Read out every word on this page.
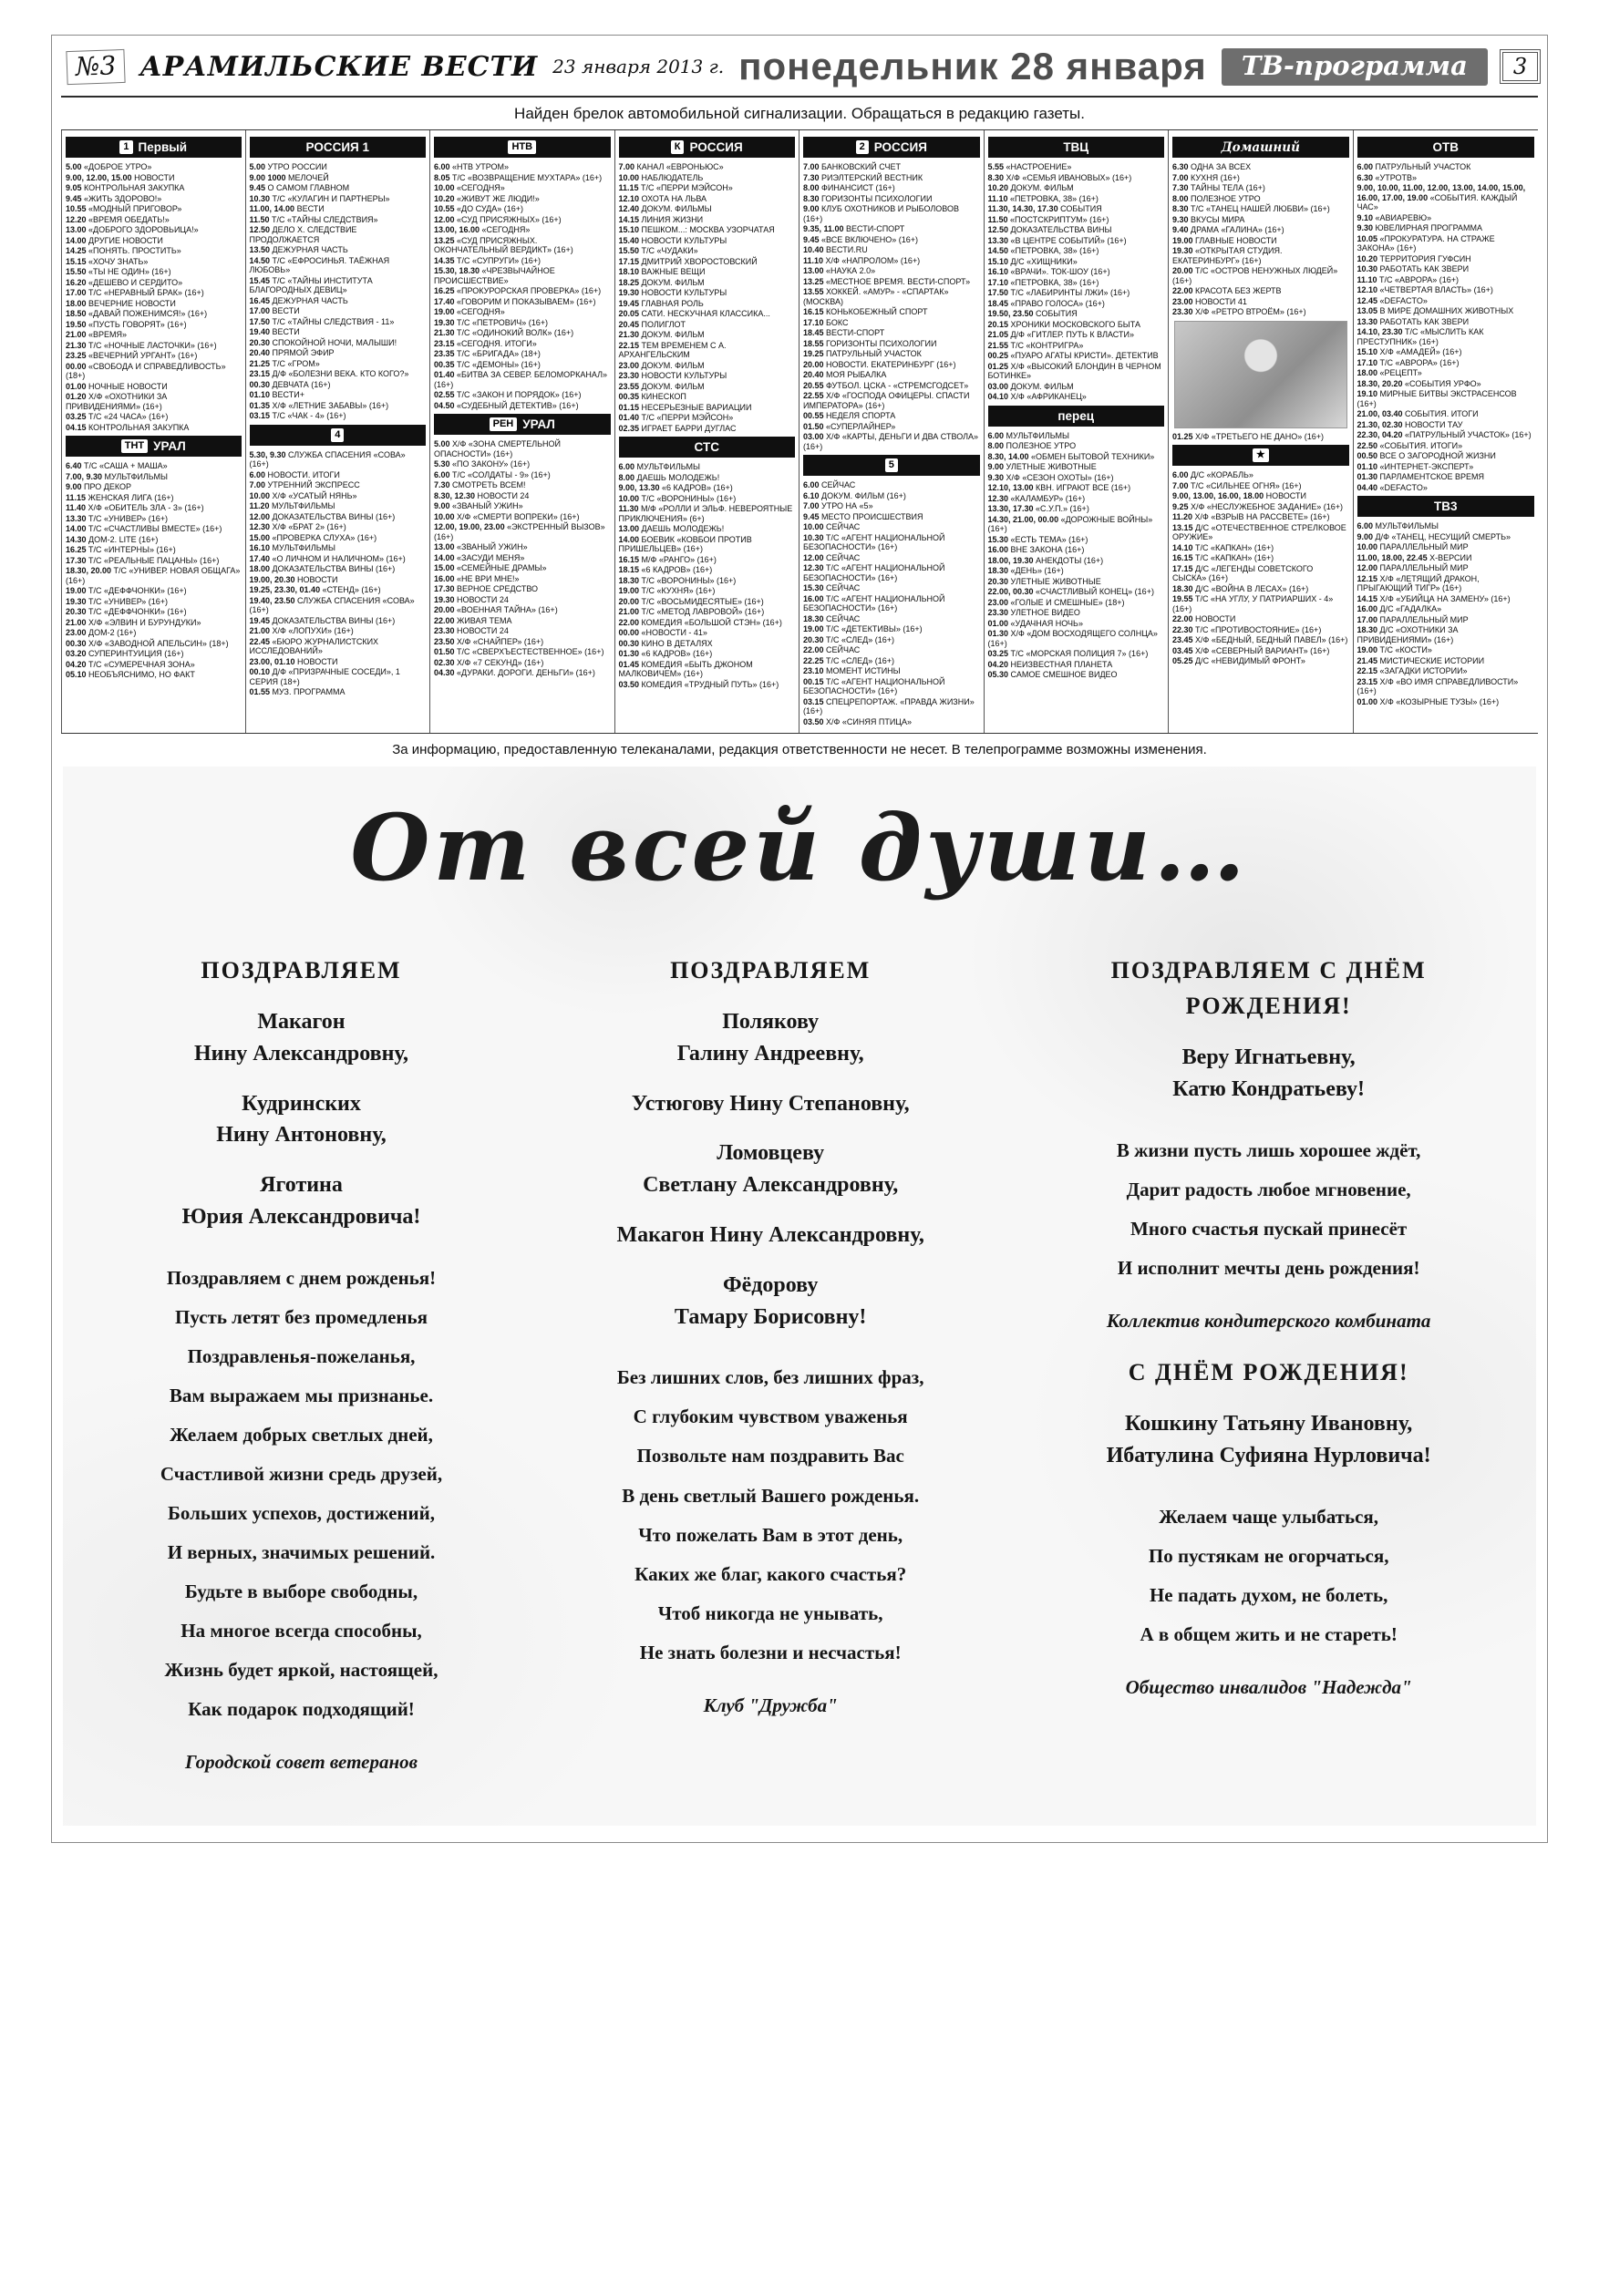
№3 АРАМИЛЬСКИЕ ВЕСТИ 23 января 2013 г. понедельник 28 января	ТВ-программа	3
Найден брелок автомобильной сигнализации. Обращаться в редакцию газеты.
1 Первый
5.00 «ДОБРОЕ УТРО»
9.00, 12.00, 15.00 НОВОСТИ
9.05 КОНТРОЛЬНАЯ ЗАКУПКА
9.45 «ЖИТЬ ЗДОРОВО!»
10.55 «МОДНЫЙ ПРИГОВОР»
12.20 «ВРЕМЯ ОБЕДАТЬ!»
13.00 «ДОБРОГО ЗДОРОВЬИЦА!»
14.00 ДРУГИЕ НОВОСТИ
14.25 «ПОНЯТЬ. ПРОСТИТЬ»
15.15 «ХОЧУ ЗНАТЬ»
15.50 «ТЫ НЕ ОДИН» (16+)
16.20 «ДЕШЕВО И СЕРДИТО»
17.00 Т/С «НЕРАВНЫЙ БРАК» (16+)
18.00 ВЕЧЕРНИЕ НОВОСТИ
18.50 «ДАВАЙ ПОЖЕНИМСЯ!» (16+)
19.50 «ПУСТЬ ГОВОРЯТ» (16+)
21.00 «ВРЕМЯ»
21.30 Т/С «НОЧНЫЕ ЛАСТОЧКИ» (16+)
23.25 «ВЕЧЕРНИЙ УРГАНТ» (16+)
00.00 «СВОБОДА И СПРАВЕДЛИВОСТЬ» (18+)
01.00 НОЧНЫЕ НОВОСТИ
01.20 Х/Ф «ОХОТНИКИ ЗА ПРИВИДЕНИЯМИ» (16+)
03.25 Т/С «24 ЧАСА» (16+)
04.15 КОНТРОЛЬНАЯ ЗАКУПКА
ТНТ УРАЛ
6.40 Т/С «САША + МАША»
7.00, 9.30 МУЛЬТФИЛЬМЫ
9.00 ПРО ДЕКОР
11.15 ЖЕНСКАЯ ЛИГА (16+)
11.40 Х/Ф «ОБИТЕЛЬ ЗЛА - 3» (16+)
13.30 Т/С «УНИВЕР» (16+)
14.00 Т/С «СЧАСТЛИВЫ ВМЕСТЕ» (16+)
14.30 ДОМ-2. LITE (16+)
16.25 Т/С «ИНТЕРНЫ» (16+)
17.30 Т/С «РЕАЛЬНЫЕ ПАЦАНЫ» (16+)
18.30, 20.00 Т/С «УНИВЕР. НОВАЯ ОБЩАГА» (16+)
19.00 Т/С «ДЕФФЧОНКИ» (16+)
19.30 Т/С «УНИВЕР» (16+)
20.30 Т/С «ДЕФФЧОНКИ» (16+)
21.00 Х/Ф «ЭЛВИН И БУРУНДУКИ»
23.00 ДОМ-2 (16+)
00.30 Х/Ф «ЗАВОДНОЙ АПЕЛЬСИН» (18+)
03.20 СУПЕРИНТУИЦИЯ (16+)
04.20 Т/С «СУМЕРЕЧНАЯ ЗОНА»
05.10 НЕОБЪЯСНИМО, НО ФАКТ
РОССИЯ 1
5.00 УТРО РОССИИ
9.00 1000 МЕЛОЧЕЙ
9.45 О САМОМ ГЛАВНОМ
10.30 Т/С «КУЛАГИН И ПАРТНЕРЫ»
11.00, 14.00 ВЕСТИ
11.50 Т/С «ТАЙНЫ СЛЕДСТВИЯ»
12.50 ДЕЛО Х. СЛЕДСТВИЕ ПРОДОЛЖАЕТСЯ
13.50 ДЕЖУРНАЯ ЧАСТЬ
14.50 Т/С «ЕФРОСИНЬЯ. ТАЁЖНАЯ ЛЮБОВЬ»
15.45 Т/С «ТАЙНЫ ИНСТИТУТА БЛАГОРОДНЫХ ДЕВИЦ»
16.45 ДЕЖУРНАЯ ЧАСТЬ
17.00 ВЕСТИ
17.50 Т/С «ТАЙНЫ СЛЕДСТВИЯ - 11»
19.40 ВЕСТИ
20.30 СПОКОЙНОЙ НОЧИ, МАЛЫШИ!
20.40 ПРЯМОЙ ЭФИР
21.25 Т/С «ГРОМ»
23.15 Д/Ф «БОЛЕЗНИ ВЕКА. КТО КОГО?»
00.30 ДЕВЧАТА (16+)
01.10 ВЕСТИ+
01.35 Х/Ф «ЛЕТНИЕ ЗАБАВЫ» (16+)
03.15 Т/С «ЧАК - 4» (16+)
4
5.30, 9.30 СЛУЖБА СПАСЕНИЯ «СОВА» (16+)
6.00 НОВОСТИ. ИТОГИ
7.00 УТРЕННИЙ ЭКСПРЕСС
10.00 Х/Ф «УСАТЫЙ НЯНЬ»
11.20 МУЛЬТФИЛЬМЫ
12.00 ДОКАЗАТЕЛЬСТВА ВИНЫ (16+)
12.30 Х/Ф «БРАТ 2» (16+)
15.00 «ПРОВЕРКА СЛУХА» (16+)
16.10 МУЛЬТФИЛЬМЫ
17.40 «О ЛИЧНОМ И НАЛИЧНОМ» (16+)
18.00 ДОКАЗАТЕЛЬСТВА ВИНЫ (16+)
19.00, 20.30 НОВОСТИ
19.25, 23.30, 01.40 «СТЕНД» (16+)
19.40, 23.50 СЛУЖБА СПАСЕНИЯ «СОВА» (16+)
19.45 ДОКАЗАТЕЛЬСТВА ВИНЫ (16+)
21.00 Х/Ф «ЛОПУХИ» (16+)
22.45 «БЮРО ЖУРНАЛИСТСКИХ ИССЛЕДОВАНИЙ»
23.00, 01.10 НОВОСТИ
00.10 Д/Ф «ПРИЗРАЧНЫЕ СОСЕДИ», 1 СЕРИЯ (18+)
01.55 МУЗ. ПРОГРАММА
НТВ
6.00 «НТВ УТРОМ»
8.05 Т/С «ВОЗВРАЩЕНИЕ МУХТАРА» (16+)
10.00 «СЕГОДНЯ»
10.20 «ЖИВУТ ЖЕ ЛЮДИ!»
10.55 «ДО СУДА» (16+)
12.00 «СУД ПРИСЯЖНЫХ» (16+)
13.00, 16.00 «СЕГОДНЯ»
13.25 «СУД ПРИСЯЖНЫХ. ОКОНЧАТЕЛЬНЫЙ ВЕРДИКТ» (16+)
14.35 Т/С «СУПРУГИ» (16+)
15.30, 18.30 «ЧРЕЗВЫЧАЙНОЕ ПРОИСШЕСТВИЕ»
16.25 «ПРОКУРОРСКАЯ ПРОВЕРКА» (16+)
17.40 «ГОВОРИМ И ПОКАЗЫВАЕМ» (16+)
19.00 «СЕГОДНЯ»
19.30 Т/С «ПЕТРОВИЧ» (16+)
21.30 Т/С «ОДИНОКИЙ ВОЛК» (16+)
23.15 «СЕГОДНЯ. ИТОГИ»
23.35 Т/С «БРИГАДА» (18+)
00.35 Т/С «ДЕМОНЫ» (16+)
01.40 «БИТВА ЗА СЕВЕР. БЕЛОМОРКАНАЛ» (16+)
02.55 Т/С «ЗАКОН И ПОРЯДОК» (16+)
04.50 «СУДЕБНЫЙ ДЕТЕКТИВ» (16+)
РЕН УРАЛ
5.00 Х/Ф «ЗОНА СМЕРТЕЛЬНОЙ ОПАСНОСТИ» (16+)
5.30 «ПО ЗАКОНУ» (16+)
6.00 Т/С «СОЛДАТЫ - 9» (16+)
7.30 СМОТРЕТЬ ВСЕМ!
8.30, 12.30 НОВОСТИ 24
9.00 «ЗВАНЫЙ УЖИН»
10.00 Х/Ф «СМЕРТИ ВОПРЕКИ» (16+)
12.00, 19.00, 23.00 «ЭКСТРЕННЫЙ ВЫЗОВ» (16+)
13.00 «ЗВАНЫЙ УЖИН»
14.00 «ЗАСУДИ МЕНЯ»
15.00 «СЕМЕЙНЫЕ ДРАМЫ»
16.00 «НЕ ВРИ МНЕ!»
17.30 ВЕРНОЕ СРЕДСТВО
19.30 НОВОСТИ 24
20.00 «ВОЕННАЯ ТАЙНА» (16+)
22.00 ЖИВАЯ ТЕМА
23.30 НОВОСТИ 24
23.50 Х/Ф «СНАЙПЕР» (16+)
01.50 Т/С «СВЕРХЪЕСТЕСТВЕННОЕ» (16+)
02.30 Х/Ф «7 СЕКУНД» (16+)
04.30 «ДУРАКИ. ДОРОГИ. ДЕНЬГИ» (16+)
К РОССИЯ
7.00 КАНАЛ «ЕВРОНЬЮС»
10.00 НАБЛЮДАТЕЛЬ
11.15 Т/С «ПЕРРИ МЭЙСОН»
12.10 ОХОТА НА ЛЬВА
12.40 ДОКУМ. ФИЛЬМЫ
14.15 ЛИНИЯ ЖИЗНИ
15.10 ПЕШКОМ...: МОСКВА УЗОРЧАТАЯ
15.40 НОВОСТИ КУЛЬТУРЫ
15.50 Т/С «ЧУДАКИ»
17.15 ДМИТРИЙ ХВОРОСТОВСКИЙ
18.10 ВАЖНЫЕ ВЕЩИ
18.25 ДОКУМ. ФИЛЬМ
19.30 НОВОСТИ КУЛЬТУРЫ
19.45 ГЛАВНАЯ РОЛЬ
20.05 САТИ. НЕСКУЧНАЯ КЛАССИКА...
20.45 ПОЛИГЛОТ
21.30 ДОКУМ. ФИЛЬМ
22.15 ТЕМ ВРЕМЕНЕМ С А. АРХАНГЕЛЬСКИМ
23.00 ДОКУМ. ФИЛЬМ
23.30 НОВОСТИ КУЛЬТУРЫ
23.55 ДОКУМ. ФИЛЬМ
00.35 КИНЕСКОП
01.15 НЕСЕРЬЕЗНЫЕ ВАРИАЦИИ
01.40 Т/С «ПЕРРИ МЭЙСОН»
02.35 ИГРАЕТ БАРРИ ДУГЛАС
СТС
6.00 МУЛЬТФИЛЬМЫ
8.00 ДАЕШЬ МОЛОДЕЖЬ!
9.00, 13.30 «6 КАДРОВ» (16+)
10.00 Т/С «ВОРОНИНЫ» (16+)
11.30 М/Ф «РОЛЛИ И ЭЛЬФ. НЕВЕРОЯТНЫЕ ПРИКЛЮЧЕНИЯ» (6+)
13.00 ДАЕШЬ МОЛОДЕЖЬ!
14.00 БОЕВИК «КОВБОИ ПРОТИВ ПРИШЕЛЬЦЕВ» (16+)
16.15 М/Ф «РАНГО» (16+)
18.15 «6 КАДРОВ» (16+)
18.30 Т/С «ВОРОНИНЫ» (16+)
19.00 Т/С «КУХНЯ» (16+)
20.00 Т/С «ВОСЬМИДЕСЯТЫЕ» (16+)
21.00 Т/С «МЕТОД ЛАВРОВОЙ» (16+)
22.00 КОМЕДИЯ «БОЛЬШОЙ СТЭН» (16+)
00.00 «НОВОСТИ - 41»
00.30 КИНО В ДЕТАЛЯХ
01.30 «6 КАДРОВ» (16+)
01.45 КОМЕДИЯ «БЫТЬ ДЖОНОМ МАЛКОВИЧЕМ» (16+)
03.50 КОМЕДИЯ «ТРУДНЫЙ ПУТЬ» (16+)
2 РОССИЯ
7.00 БАНКОВСКИЙ СЧЕТ
7.30 РИЭЛТЕРСКИЙ ВЕСТНИК
8.00 ФИНАНСИСТ (16+)
8.30 ГОРИЗОНТЫ ПСИХОЛОГИИ
9.00 КЛУБ ОХОТНИКОВ И РЫБОЛОВОВ (16+)
9.35, 11.00 ВЕСТИ-СПОРТ
9.45 «ВСЕ ВКЛЮЧЕНО» (16+)
10.40 ВЕСТИ.RU
11.10 Х/Ф «НАПРОЛОМ» (16+)
13.00 «НАУКА 2.0»
13.25 «МЕСТНОЕ ВРЕМЯ. ВЕСТИ-СПОРТ»
13.55 ХОККЕЙ. «АМУР» - «СПАРТАК» (МОСКВА)
16.15 КОНЬКОБЕЖНЫЙ СПОРТ
17.10 БОКС
18.45 ВЕСТИ-СПОРТ
18.55 ГОРИЗОНТЫ ПСИХОЛОГИИ
19.25 ПАТРУЛЬНЫЙ УЧАСТОК
20.00 НОВОСТИ. ЕКАТЕРИНБУРГ (16+)
20.40 МОЯ РЫБАЛКА
20.55 ФУТБОЛ. ЦСКА - «СТРЕМСГОДСЕТ»
22.55 Х/Ф «ГОСПОДА ОФИЦЕРЫ. СПАСТИ ИМПЕРАТОРА» (16+)
00.55 НЕДЕЛЯ СПОРТА
01.50 «СУПЕРЛАЙНЕР»
03.00 Х/Ф «КАРТЫ, ДЕНЬГИ И ДВА СТВОЛА» (16+)
5
6.00 СЕЙЧАС
6.10 ДОКУМ. ФИЛЬМ (16+)
7.00 УТРО НА «5»
9.45 МЕСТО ПРОИСШЕСТВИЯ
10.00 СЕЙЧАС
10.30 Т/С «АГЕНТ НАЦИОНАЛЬНОЙ БЕЗОПАСНОСТИ» (16+)
12.00 СЕЙЧАС
12.30 Т/С «АГЕНТ НАЦИОНАЛЬНОЙ БЕЗОПАСНОСТИ» (16+)
15.30 СЕЙЧАС
16.00 Т/С «АГЕНТ НАЦИОНАЛЬНОЙ БЕЗОПАСНОСТИ» (16+)
18.30 СЕЙЧАС
19.00 Т/С «ДЕТЕКТИВЫ» (16+)
20.30 Т/С «СЛЕД» (16+)
22.00 СЕЙЧАС
22.25 Т/С «СЛЕД» (16+)
23.10 МОМЕНТ ИСТИНЫ
00.15 Т/С «АГЕНТ НАЦИОНАЛЬНОЙ БЕЗОПАСНОСТИ» (16+)
03.15 СПЕЦРЕПОРТАЖ. «ПРАВДА ЖИЗНИ» (16+)
03.50 Х/Ф «СИНЯЯ ПТИЦА»
ТВЦ
5.55 «НАСТРОЕНИЕ»
8.30 Х/Ф «СЕМЬЯ ИВАНОВЫХ» (16+)
10.20 ДОКУМ. ФИЛЬМ
11.10 «ПЕТРОВКА, 38» (16+)
11.30, 14.30, 17.30 СОБЫТИЯ
11.50 «ПОСТСКРИПТУМ» (16+)
12.50 ДОКАЗАТЕЛЬСТВА ВИНЫ
13.30 «В ЦЕНТРЕ СОБЫТИЙ» (16+)
14.50 «ПЕТРОВКА, 38» (16+)
15.10 Д/С «ХИЩНИКИ»
16.10 «ВРАЧИ». ТОК-ШОУ (16+)
17.10 «ПЕТРОВКА, 38» (16+)
17.50 Т/С «ЛАБИРИНТЫ ЛЖИ» (16+)
18.45 «ПРАВО ГОЛОСА» (16+)
19.50, 23.50 СОБЫТИЯ
20.15 ХРОНИКИ МОСКОВСКОГО БЫТА
21.05 Д/Ф «ГИТЛЕР. ПУТЬ К ВЛАСТИ»
21.55 Т/С «КОНТРИГРА»
00.25 «ПУАРО АГАТЫ КРИСТИ». ДЕТЕКТИВ
01.25 Х/Ф «ВЫСОКИЙ БЛОНДИН В ЧЕРНОМ БОТИНКЕ»
03.00 ДОКУМ. ФИЛЬМ
04.10 Х/Ф «АФРИКАНЕЦ»
перец
6.00 МУЛЬТФИЛЬМЫ
8.00 ПОЛЕЗНОЕ УТРО
8.30, 14.00 «ОБМЕН БЫТОВОЙ ТЕХНИКИ»
9.00 УЛЕТНЫЕ ЖИВОТНЫЕ
9.30 Х/Ф «СЕЗОН ОХОТЫ» (16+)
12.10, 13.00 КВН. ИГРАЮТ ВСЕ (16+)
12.30 «КАЛАМБУР» (16+)
13.30, 17.30 «С.У.П.» (16+)
14.30, 21.00, 00.00 «ДОРОЖНЫЕ ВОЙНЫ» (16+)
15.30 «ЕСТЬ ТЕМА» (16+)
16.00 ВНЕ ЗАКОНА (16+)
18.00, 19.30 АНЕКДОТЫ (16+)
18.30 «ДЕНЬ» (16+)
20.30 УЛЕТНЫЕ ЖИВОТНЫЕ
22.00, 00.30 «СЧАСТЛИВЫЙ КОНЕЦ» (16+)
23.00 «ГОЛЫЕ И СМЕШНЫЕ» (18+)
23.30 УЛЕТНОЕ ВИДЕО
01.00 «УДАЧНАЯ НОЧЬ»
01.30 Х/Ф «ДОМ ВОСХОДЯЩЕГО СОЛНЦА» (16+)
03.25 Т/С «МОРСКАЯ ПОЛИЦИЯ 7» (16+)
04.20 НЕИЗВЕСТНАЯ ПЛАНЕТА
05.30 САМОЕ СМЕШНОЕ ВИДЕО
Домашний
6.30 ОДНА ЗА ВСЕХ
7.00 КУХНЯ (16+)
7.30 ТАЙНЫ ТЕЛА (16+)
8.00 ПОЛЕЗНОЕ УТРО
8.30 Т/С «ТАНЕЦ НАШЕЙ ЛЮБВИ» (16+)
9.30 ВКУСЫ МИРА
9.40 ДРАМА «ГАЛИНА» (16+)
19.00 ГЛАВНЫЕ НОВОСТИ
19.30 «ОТКРЫТАЯ СТУДИЯ. ЕКАТЕРИНБУРГ» (16+)
20.00 Т/С «ОСТРОВ НЕНУЖНЫХ ЛЮДЕЙ» (16+)
22.00 КРАСОТА БЕЗ ЖЕРТВ
23.00 НОВОСТИ 41
23.30 Х/Ф «РЕТРО ВТРОЁМ» (16+)
01.25 Х/Ф «ТРЕТЬЕГО НЕ ДАНО» (16+)
★
6.00 Д/С «КОРАБЛЬ»
7.00 Т/С «СИЛЬНЕЕ ОГНЯ» (16+)
9.00, 13.00, 16.00, 18.00 НОВОСТИ
9.25 Х/Ф «НЕСЛУЖЕБНОЕ ЗАДАНИЕ» (16+)
11.20 Х/Ф «ВЗРЫВ НА РАССВЕТЕ» (16+)
13.15 Д/С «ОТЕЧЕСТВЕННОЕ СТРЕЛКОВОЕ ОРУЖИЕ»
14.10 Т/С «КАПКАН» (16+)
16.15 Т/С «КАПКАН» (16+)
17.15 Д/С «ЛЕГЕНДЫ СОВЕТСКОГО СЫСКА» (16+)
18.30 Д/С «ВОЙНА В ЛЕСАХ» (16+)
19.55 Т/С «НА УГЛУ, У ПАТРИАРШИХ - 4» (16+)
22.00 НОВОСТИ
22.30 Т/С «ПРОТИВОСТОЯНИЕ» (16+)
23.45 Х/Ф «БЕДНЫЙ, БЕДНЫЙ ПАВЕЛ» (16+)
03.45 Х/Ф «СЕВЕРНЫЙ ВАРИАНТ» (16+)
05.25 Д/С «НЕВИДИМЫЙ ФРОНТ»
ОТВ
6.00 ПАТРУЛЬНЫЙ УЧАСТОК
6.30 «УТРОТВ»
9.00, 10.00, 11.00, 12.00, 13.00, 14.00, 15.00, 16.00, 17.00, 19.00 «СОБЫТИЯ. КАЖДЫЙ ЧАС»
9.10 «АВИАРЕВЮ»
9.30 ЮВЕЛИРНАЯ ПРОГРАММА
10.05 «ПРОКУРАТУРА. НА СТРАЖЕ ЗАКОНА» (16+)
10.20 ТЕРРИТОРИЯ ГУФСИН
10.30 РАБОТАТЬ КАК ЗВЕРИ
11.10 Т/С «АВРОРА» (16+)
12.10 «ЧЕТВЕРТАЯ ВЛАСТЬ» (16+)
12.45 «DEFACTO»
13.05 В МИРЕ ДОМАШНИХ ЖИВОТНЫХ
13.30 РАБОТАТЬ КАК ЗВЕРИ
14.10, 23.30 Т/С «МЫСЛИТЬ КАК ПРЕСТУПНИК» (16+)
15.10 Х/Ф «АМАДЕЙ» (16+)
17.10 Т/С «АВРОРА» (16+)
18.00 «РЕЦЕПТ»
18.30, 20.20 «СОБЫТИЯ УРФО»
19.10 МИРНЫЕ БИТВЫ ЭКСТРАСЕНСОВ (16+)
21.00, 03.40 СОБЫТИЯ. ИТОГИ
21.30, 02.30 НОВОСТИ ТАУ
22.30, 04.20 «ПАТРУЛЬНЫЙ УЧАСТОК» (16+)
22.50 «СОБЫТИЯ. ИТОГИ»
00.50 ВСЕ О ЗАГОРОДНОЙ ЖИЗНИ
01.10 «ИНТЕРНЕТ-ЭКСПЕРТ»
01.30 ПАРЛАМЕНТСКОЕ ВРЕМЯ
04.40 «DEFACTO»
ТВ3
6.00 МУЛЬТФИЛЬМЫ
9.00 Д/Ф «ТАНЕЦ, НЕСУЩИЙ СМЕРТЬ»
10.00 ПАРАЛЛЕЛЬНЫЙ МИР
11.00, 18.00, 22.45 Х-ВЕРСИИ
12.00 ПАРАЛЛЕЛЬНЫЙ МИР
12.15 Х/Ф «ЛЕТЯЩИЙ ДРАКОН, ПРЫГАЮЩИЙ ТИГР» (16+)
14.15 Х/Ф «УБИЙЦА НА ЗАМЕНУ» (16+)
16.00 Д/С «ГАДАЛКА»
17.00 ПАРАЛЛЕЛЬНЫЙ МИР
18.30 Д/С «ОХОТНИКИ ЗА ПРИВИДЕНИЯМИ» (16+)
19.00 Т/С «КОСТИ»
21.45 МИСТИЧЕСКИЕ ИСТОРИИ
22.15 «ЗАГАДКИ ИСТОРИИ»
23.15 Х/Ф «ВО ИМЯ СПРАВЕДЛИВОСТИ» (16+)
01.00 Х/Ф «КОЗЫРНЫЕ ТУЗЫ» (16+)
За информацию, предоставленную телеканалами, редакция ответственности не несет. В телепрограмме возможны изменения.
От всей души…
ПОЗДРАВЛЯЕМ
Макагон
Нину Александровну,
Кудринских
Нину Антоновну,
Яготина
Юрия Александровича!
Поздравляем с днем рожденья!
Пусть летят без промедленья
Поздравленья-пожеланья,
Вам выражаем мы признанье.
Желаем добрых светлых дней,
Счастливой жизни средь друзей,
Больших успехов, достижений,
И верных, значимых решений.
Будьте в выборе свободны,
На многое всегда способны,
Жизнь будет яркой, настоящей,
Как подарок подходящий!
Городской совет ветеранов
ПОЗДРАВЛЯЕМ
Полякову
Галину Андреевну,
Устюгову Нину Степановну,
Ломовцеву
Светлану Александровну,
Макагон Нину Александровну,
Фёдорову
Тамару Борисовну!
Без лишних слов, без лишних фраз,
С глубоким чувством уваженья
Позвольте нам поздравить Вас
В день светлый Вашего рожденья.
Что пожелать Вам в этот день,
Каких же благ, какого счастья?
Чтоб никогда не унывать,
Не знать болезни и несчастья!
Клуб "Дружба"
ПОЗДРАВЛЯЕМ С ДНЁМ РОЖДЕНИЯ!
Веру Игнатьевну,
Катю Кондратьеву!
В жизни пусть лишь хорошее ждёт,
Дарит радость любое мгновение,
Много счастья пускай принесёт
И исполнит мечты день рождения!
Коллектив кондитерского комбината
С ДНЁМ РОЖДЕНИЯ!
Кошкину Татьяну Ивановну,
Ибатулина Суфияна Нурловича!
Желаем чаще улыбаться,
По пустякам не огорчаться,
Не падать духом, не болеть,
А в общем жить и не стареть!
Общество инвалидов "Надежда"
